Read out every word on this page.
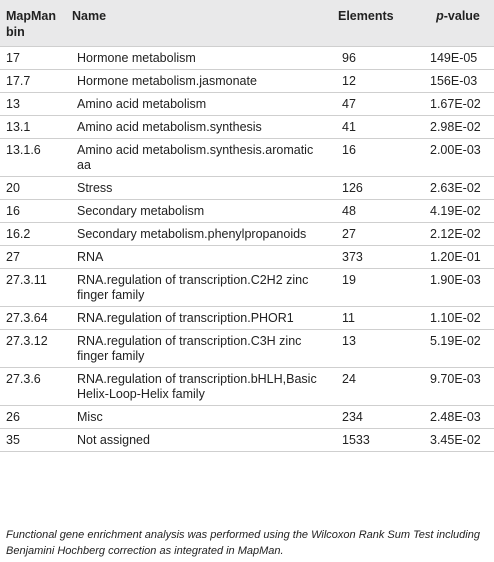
MapMan bin	Name	Elements	p-value
17	Hormone metabolism	96	149E-05
17.7	Hormone metabolism.jasmonate	12	156E-03
13	Amino acid metabolism	47	1.67E-02
13.1	Amino acid metabolism.synthesis	41	2.98E-02
13.1.6	Amino acid metabolism.synthesis.aromatic aa	16	2.00E-03
20	Stress	126	2.63E-02
16	Secondary metabolism	48	4.19E-02
16.2	Secondary metabolism.phenylpropanoids	27	2.12E-02
27	RNA	373	1.20E-01
27.3.11	RNA.regulation of transcription.C2H2 zinc finger family	19	1.90E-03
27.3.64	RNA.regulation of transcription.PHOR1	11	1.10E-02
27.3.12	RNA.regulation of transcription.C3H zinc finger family	13	5.19E-02
27.3.6	RNA.regulation of transcription.bHLH,Basic Helix-Loop-Helix family	24	9.70E-03
26	Misc	234	2.48E-03
35	Not assigned	1533	3.45E-02
Functional gene enrichment analysis was performed using the Wilcoxon Rank Sum Test including Benjamini Hochberg correction as integrated in MapMan.
